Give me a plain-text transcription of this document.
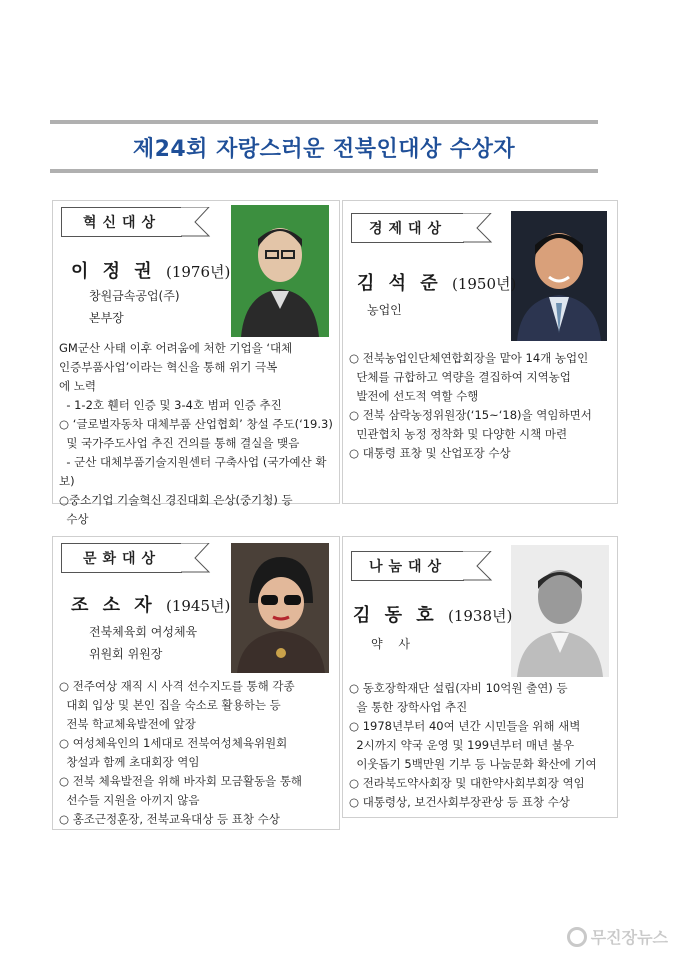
제24회 자랑스러운 전북인대상 수상자
혁신대상
이 정 권 (1976년)
창원금속공업(주)
본부장
GM군산 사태 이후 어려움에 처한 기업을 ‘대체
인증부품사업’이라는 혁신을 통해 위기 극복
에 노력
- 1-2호 휀터 인증 및 3-4호 범퍼 인증 추진
○ ‘글로벌자동차 대체부품 산업협회’ 창설 주도(‘19.3)
및 국가주도사업 추진 건의를 통해 결실을 맺음
- 군산 대체부품기술지원센터 구축사업 (국가예산 확보)
○중소기업 기술혁신 경진대회 은상(중기청) 등
수상
경제대상
김 석 준 (1950년)
농업인
○ 전북농업인단체연합회장을 맡아 14개 농업인
단체를 규합하고 역량을 결집하여 지역농업
발전에 선도적 역할 수행
○ 전북 삼락농정위원장(‘15~‘18)을 역임하면서
민관협치 농정 정착화 및 다양한 시책 마련
○ 대통령 표창 및 산업포장 수상
문화대상
조 소 자 (1945년)
전북체육회 여성체육
위원회 위원장
○ 전주여상 재직 시 사격 선수지도를 통해 각종
대회 입상 및 본인 집을 숙소로 활용하는 등
전북 학교체육발전에 앞장
○ 여성체육인의 1세대로 전북여성체육위원회
창설과 함께 초대회장 역임
○ 전북 체육발전을 위해 바자회 모금활동을 통해
선수들 지원을 아끼지 않음
○ 홍조근정훈장, 전북교육대상 등 표창 수상
나눔대상
김 동 호 (1938년)
약 사
○ 동호장학재단 설립(자비 10억원 출연) 등
을 통한 장학사업 추진
○ 1978년부터 40여 년간 시민들을 위해 새벽
2시까지 약국 운영 및 199년부터 매년 불우
이웃돕기 5백만원 기부 등 나눔문화 확산에 기여
○ 전라북도약사회장 및 대한약사회부회장 역임
○ 대통령상, 보건사회부장관상 등 표창 수상
무진장뉴스
